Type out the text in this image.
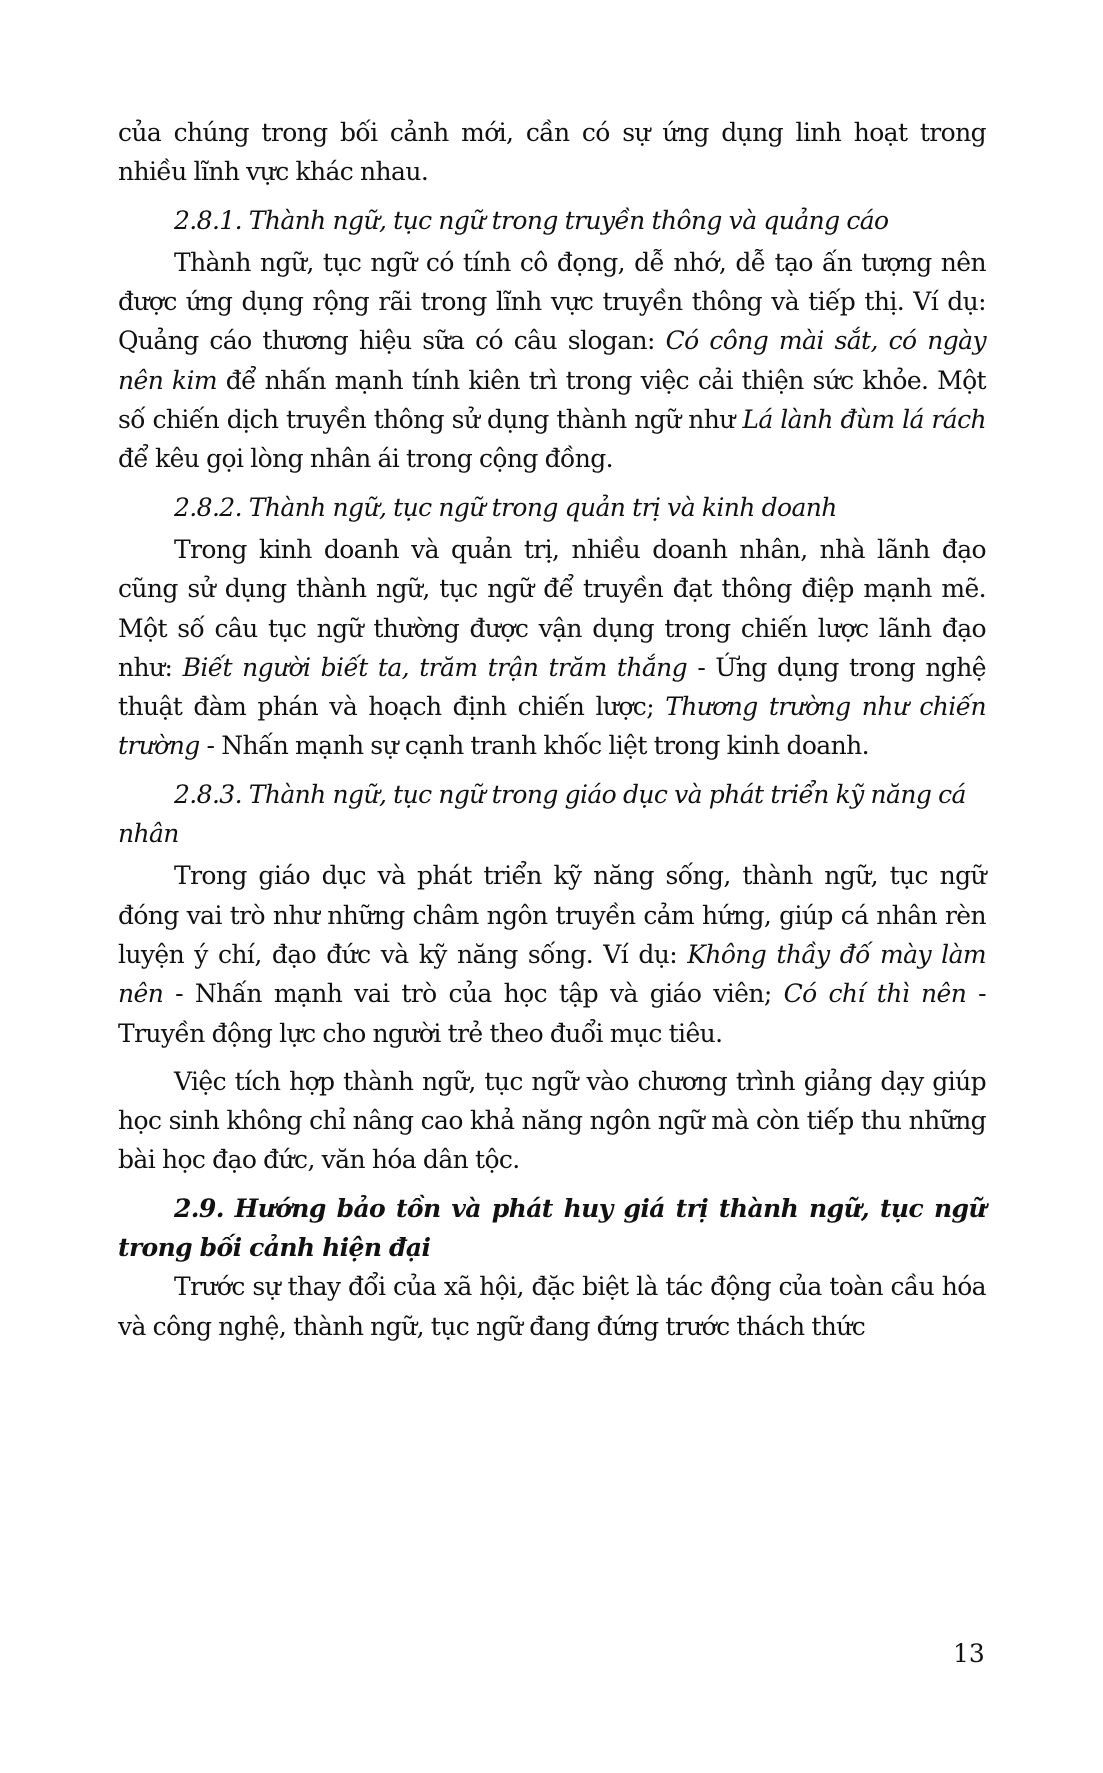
của chúng trong bối cảnh mới, cần có sự ứng dụng linh hoạt trong nhiều lĩnh vực khác nhau.

2.8.1. Thành ngữ, tục ngữ trong truyền thông và quảng cáo

Thành ngữ, tục ngữ có tính cô đọng, dễ nhớ, dễ tạo ấn tượng nên được ứng dụng rộng rãi trong lĩnh vực truyền thông và tiếp thị. Ví dụ: Quảng cáo thương hiệu sữa có câu slogan: Có công mài sắt, có ngày nên kim để nhấn mạnh tính kiên trì trong việc cải thiện sức khỏe. Một số chiến dịch truyền thông sử dụng thành ngữ như Lá lành đùm lá rách để kêu gọi lòng nhân ái trong cộng đồng.

2.8.2. Thành ngữ, tục ngữ trong quản trị và kinh doanh

Trong kinh doanh và quản trị, nhiều doanh nhân, nhà lãnh đạo cũng sử dụng thành ngữ, tục ngữ để truyền đạt thông điệp mạnh mẽ. Một số câu tục ngữ thường được vận dụng trong chiến lược lãnh đạo như: Biết người biết ta, trăm trận trăm thắng - Ứng dụng trong nghệ thuật đàm phán và hoạch định chiến lược; Thương trường như chiến trường - Nhấn mạnh sự cạnh tranh khốc liệt trong kinh doanh.

2.8.3. Thành ngữ, tục ngữ trong giáo dục và phát triển kỹ năng cá nhân

Trong giáo dục và phát triển kỹ năng sống, thành ngữ, tục ngữ đóng vai trò như những châm ngôn truyền cảm hứng, giúp cá nhân rèn luyện ý chí, đạo đức và kỹ năng sống. Ví dụ: Không thầy đố mày làm nên - Nhấn mạnh vai trò của học tập và giáo viên; Có chí thì nên - Truyền động lực cho người trẻ theo đuổi mục tiêu.

Việc tích hợp thành ngữ, tục ngữ vào chương trình giảng dạy giúp học sinh không chỉ nâng cao khả năng ngôn ngữ mà còn tiếp thu những bài học đạo đức, văn hóa dân tộc.

2.9. Hướng bảo tồn và phát huy giá trị thành ngữ, tục ngữ trong bối cảnh hiện đại

Trước sự thay đổi của xã hội, đặc biệt là tác động của toàn cầu hóa và công nghệ, thành ngữ, tục ngữ đang đứng trước thách thức

13
